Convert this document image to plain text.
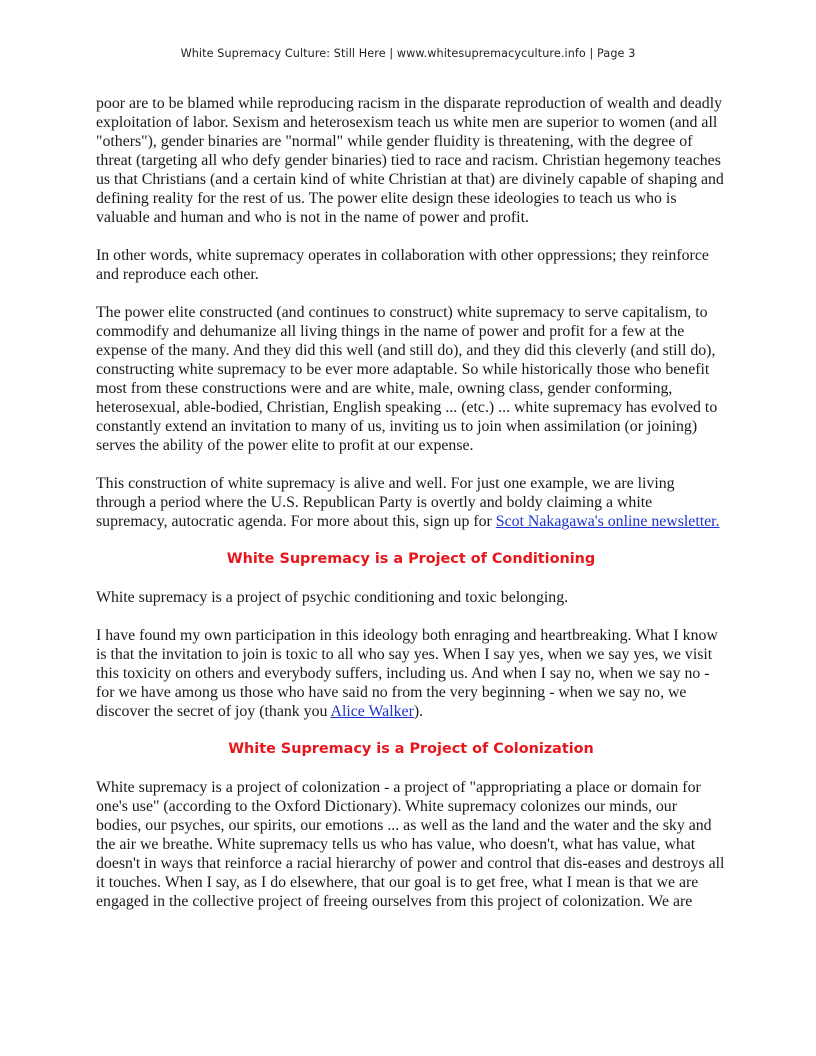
White Supremacy Culture: Still Here | www.whitesupremacyculture.info | Page 3

poor are to be blamed while reproducing racism in the disparate reproduction of wealth and deadly exploitation of labor. Sexism and heterosexism teach us white men are superior to women (and all "others"), gender binaries are "normal" while gender fluidity is threatening, with the degree of threat (targeting all who defy gender binaries) tied to race and racism. Christian hegemony teaches us that Christians (and a certain kind of white Christian at that) are divinely capable of shaping and defining reality for the rest of us. The power elite design these ideologies to teach us who is valuable and human and who is not in the name of power and profit.

In other words, white supremacy operates in collaboration with other oppressions; they reinforce and reproduce each other.

The power elite constructed (and continues to construct) white supremacy to serve capitalism, to commodify and dehumanize all living things in the name of power and profit for a few at the expense of the many. And they did this well (and still do), and they did this cleverly (and still do), constructing white supremacy to be ever more adaptable. So while historically those who benefit most from these constructions were and are white, male, owning class, gender conforming, heterosexual, able-bodied, Christian, English speaking ... (etc.) ... white supremacy has evolved to constantly extend an invitation to many of us, inviting us to join when assimilation (or joining) serves the ability of the power elite to profit at our expense.

This construction of white supremacy is alive and well. For just one example, we are living through a period where the U.S. Republican Party is overtly and boldy claiming a white supremacy, autocratic agenda. For more about this, sign up for Scot Nakagawa's online newsletter.

White Supremacy is a Project of Conditioning

White supremacy is a project of psychic conditioning and toxic belonging.

I have found my own participation in this ideology both enraging and heartbreaking. What I know is that the invitation to join is toxic to all who say yes. When I say yes, when we say yes, we visit this toxicity on others and everybody suffers, including us. And when I say no, when we say no - for we have among us those who have said no from the very beginning - when we say no, we discover the secret of joy (thank you Alice Walker).

White Supremacy is a Project of Colonization

White supremacy is a project of colonization - a project of "appropriating a place or domain for one's use" (according to the Oxford Dictionary). White supremacy colonizes our minds, our bodies, our psyches, our spirits, our emotions ... as well as the land and the water and the sky and the air we breathe. White supremacy tells us who has value, who doesn't, what has value, what doesn't in ways that reinforce a racial hierarchy of power and control that dis-eases and destroys all it touches. When I say, as I do elsewhere, that our goal is to get free, what I mean is that we are engaged in the collective project of freeing ourselves from this project of colonization. We are
